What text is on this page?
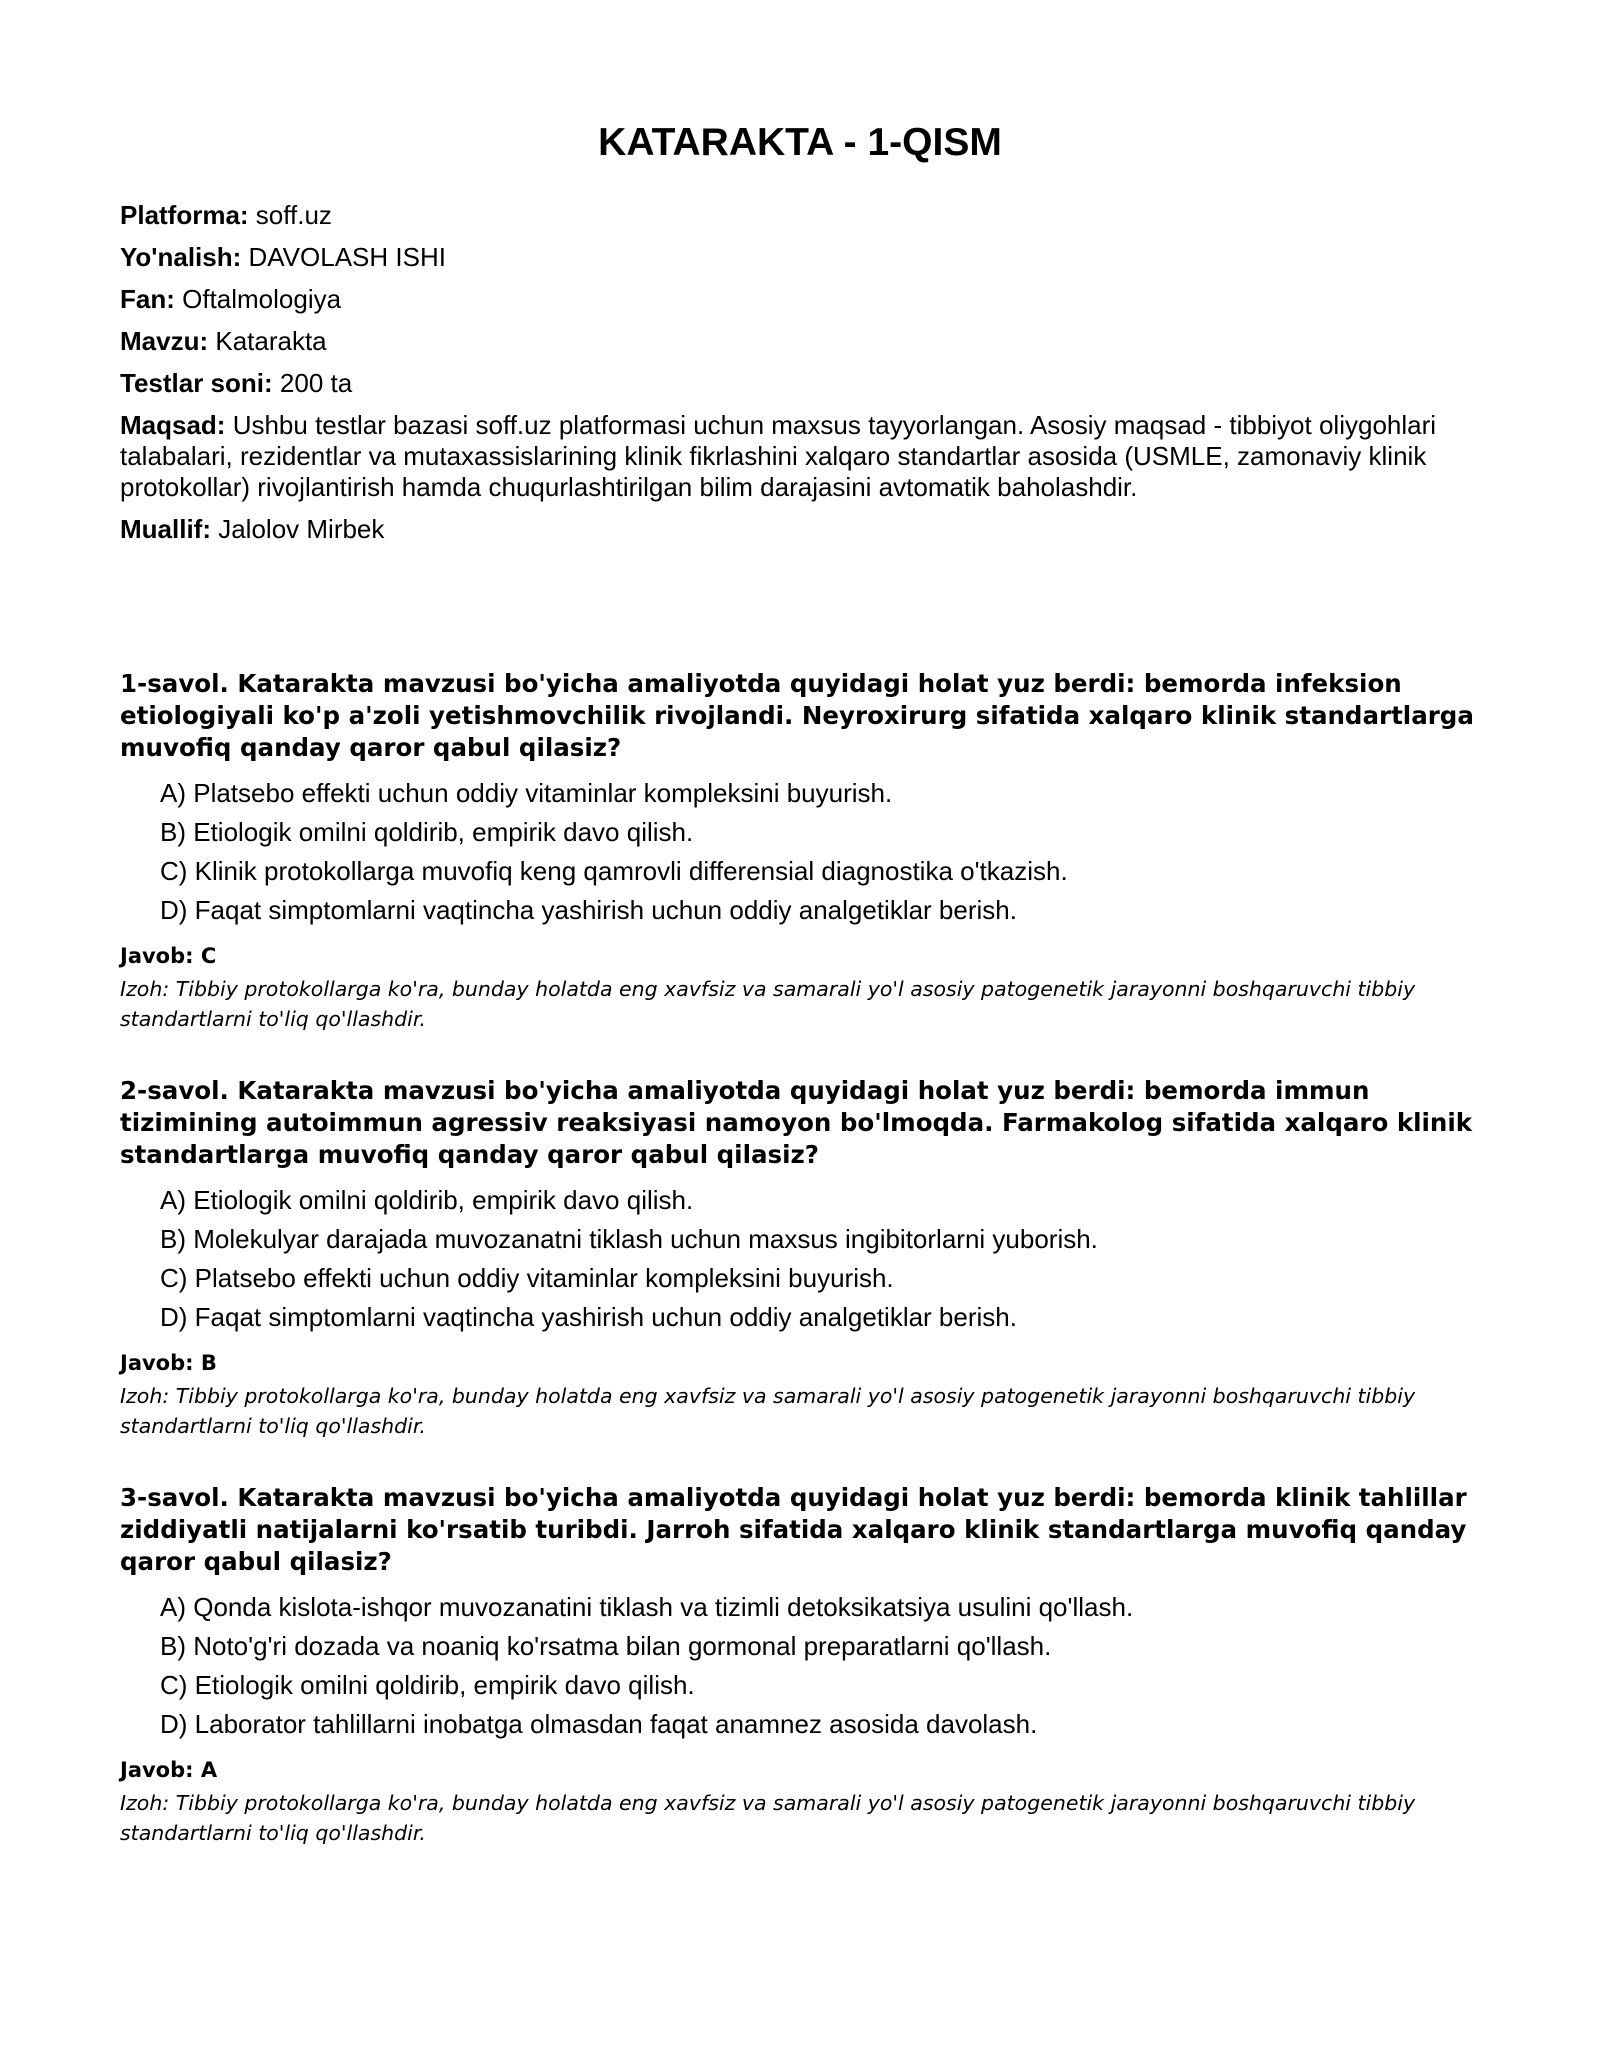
KATARAKTA - 1-QISM

Platforma: soff.uz

Yo'nalish: DAVOLASH ISHI

Fan: Oftalmologiya

Mavzu: Katarakta

Testlar soni: 200 ta

Maqsad: Ushbu testlar bazasi soff.uz platformasi uchun maxsus tayyorlangan. Asosiy maqsad - tibbiyot oliygohlari talabalari, rezidentlar va mutaxassislarining klinik fikrlashini xalqaro standartlar asosida (USMLE, zamonaviy klinik protokollar) rivojlantirish hamda chuqurlashtirilgan bilim darajasini avtomatik baholashdir.

Muallif: Jalolov Mirbek

1-savol. Katarakta mavzusi bo'yicha amaliyotda quyidagi holat yuz berdi: bemorda infeksion etiologiyali ko'p a'zoli yetishmovchilik rivojlandi. Neyroxirurg sifatida xalqaro klinik standartlarga muvofiq qanday qaror qabul qilasiz?

A) Platsebo effekti uchun oddiy vitaminlar kompleksini buyurish.
B) Etiologik omilni qoldirib, empirik davo qilish.
C) Klinik protokollarga muvofiq keng qamrovli differensial diagnostika o'tkazish.
D) Faqat simptomlarni vaqtincha yashirish uchun oddiy analgetiklar berish.

Javob: C

Izoh: Tibbiy protokollarga ko'ra, bunday holatda eng xavfsiz va samarali yo'l asosiy patogenetik jarayonni boshqaruvchi tibbiy standartlarni to'liq qo'llashdir.

2-savol. Katarakta mavzusi bo'yicha amaliyotda quyidagi holat yuz berdi: bemorda immun tizimining autoimmun agressiv reaksiyasi namoyon bo'lmoqda. Farmakolog sifatida xalqaro klinik standartlarga muvofiq qanday qaror qabul qilasiz?

A) Etiologik omilni qoldirib, empirik davo qilish.
B) Molekulyar darajada muvozanatni tiklash uchun maxsus ingibitorlarni yuborish.
C) Platsebo effekti uchun oddiy vitaminlar kompleksini buyurish.
D) Faqat simptomlarni vaqtincha yashirish uchun oddiy analgetiklar berish.

Javob: B

Izoh: Tibbiy protokollarga ko'ra, bunday holatda eng xavfsiz va samarali yo'l asosiy patogenetik jarayonni boshqaruvchi tibbiy standartlarni to'liq qo'llashdir.

3-savol. Katarakta mavzusi bo'yicha amaliyotda quyidagi holat yuz berdi: bemorda klinik tahlillar ziddiyatli natijalarni ko'rsatib turibdi. Jarroh sifatida xalqaro klinik standartlarga muvofiq qanday qaror qabul qilasiz?

A) Qonda kislota-ishqor muvozanatini tiklash va tizimli detoksikatsiya usulini qo'llash.
B) Noto'g'ri dozada va noaniq ko'rsatma bilan gormonal preparatlarni qo'llash.
C) Etiologik omilni qoldirib, empirik davo qilish.
D) Laborator tahlillarni inobatga olmasdan faqat anamnez asosida davolash.

Javob: A

Izoh: Tibbiy protokollarga ko'ra, bunday holatda eng xavfsiz va samarali yo'l asosiy patogenetik jarayonni boshqaruvchi tibbiy standartlarni to'liq qo'llashdir.
